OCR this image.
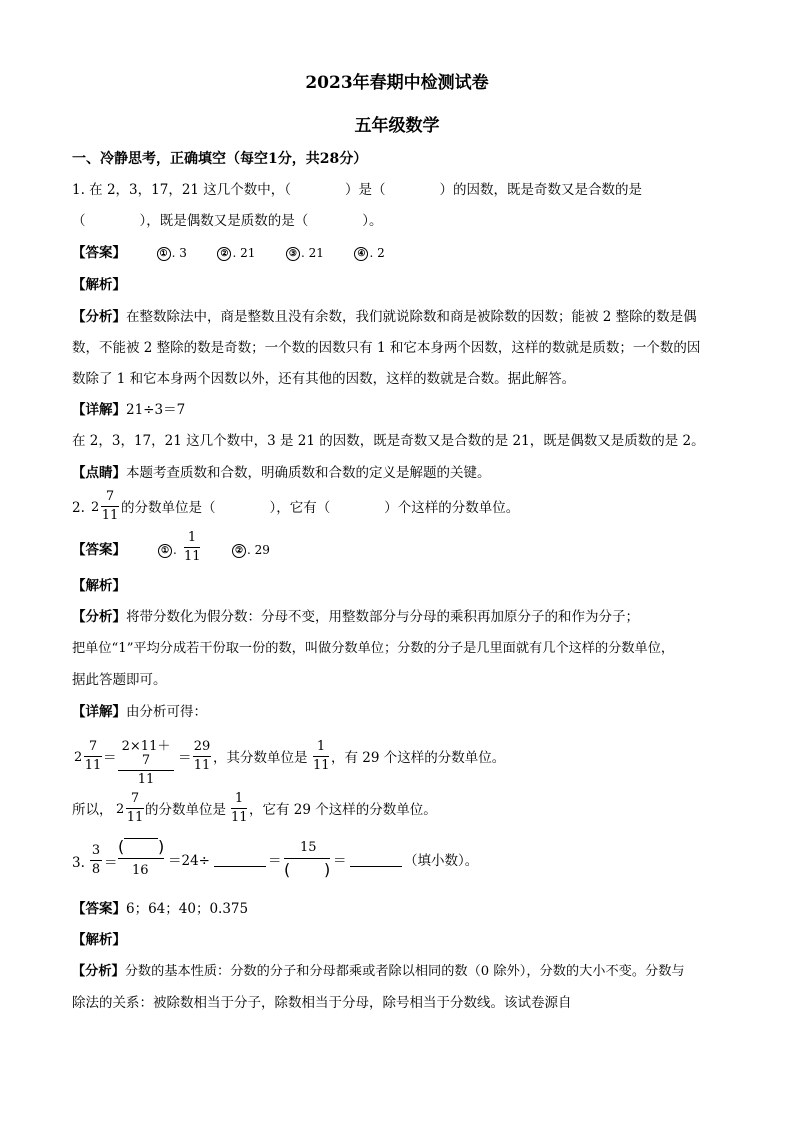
2023年春期中检测试卷
五年级数学
一、冷静思考，正确填空（每空1分，共28分）
1. 在 2，3，17，21 这几个数中，（　　　　）是（　　　　）的因数，既是奇数又是合数的是
（　　　　），既是偶数又是质数的是（　　　　）。
【答案】	① . 3	② . 21	③ . 21	④ . 2
【解析】
【分析】在整数除法中，商是整数且没有余数，我们就说除数和商是被除数的因数；能被 2 整除的数是偶
数，不能被 2 整除的数是奇数；一个数的因数只有 1 和它本身两个因数，这样的数就是质数；一个数的因
数除了 1 和它本身两个因数以外，还有其他的因数，这样的数就是合数。据此解答。
【详解】21÷3＝7
在 2，3，17，21 这几个数中，3 是 21 的因数，既是奇数又是合数的是 21，既是偶数又是质数的是 2。
【点睛】本题考查质数和合数，明确质数和合数的定义是解题的关键。
2. 2
7
11 的分数单位是（　　　　），它有（　　　　）个这样的分数单位。
【答案】	① .
1
11	② . 29
【解析】
【分析】将带分数化为假分数：分母不变，用整数部分与分母的乘积再加原分子的和作为分子；
把单位“1”平均分成若干份取一份的数，叫做分数单位；分数的分子是几里面就有几个这样的分数单位，
据此答题即可。
【详解】由分析可得：
2
7
11 ＝
2×11＋7
11
＝
29
11 ，其分数单位是
1
11 ，有 29 个这样的分数单位。
所以， 2
7
11 的分数单位是
1
11 ，它有 29 个这样的分数单位。
3.
3
8 ＝
( )
16
＝24÷	＝
15
( ) ＝	（填小数）。
【答案】6；64；40；0.375
【解析】
【分析】分数的基本性质：分数的分子和分母都乘或者除以相同的数（0 除外），分数的大小不变。分数与
除法的关系：被除数相当于分子，除数相当于分母，除号相当于分数线。该试卷源自
